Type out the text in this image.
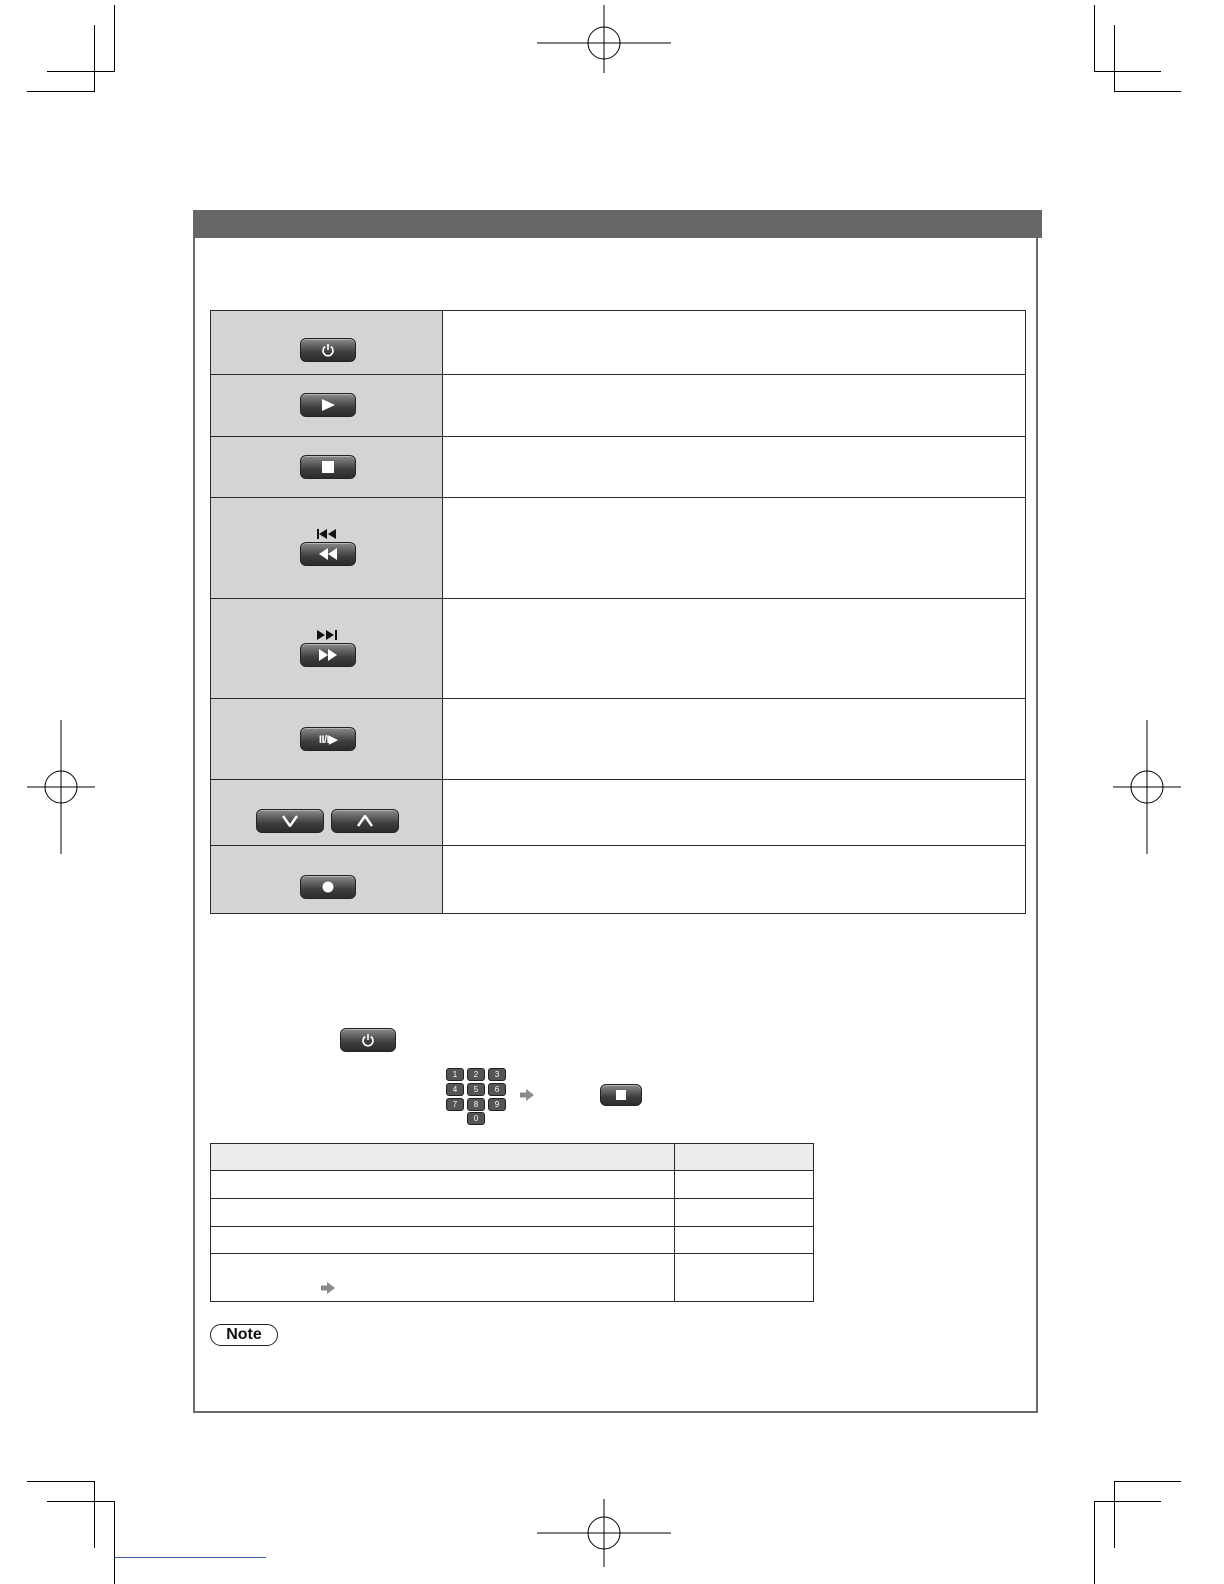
II/I▶	

1	2	3
4	5	6
7	8	9
0

Note
